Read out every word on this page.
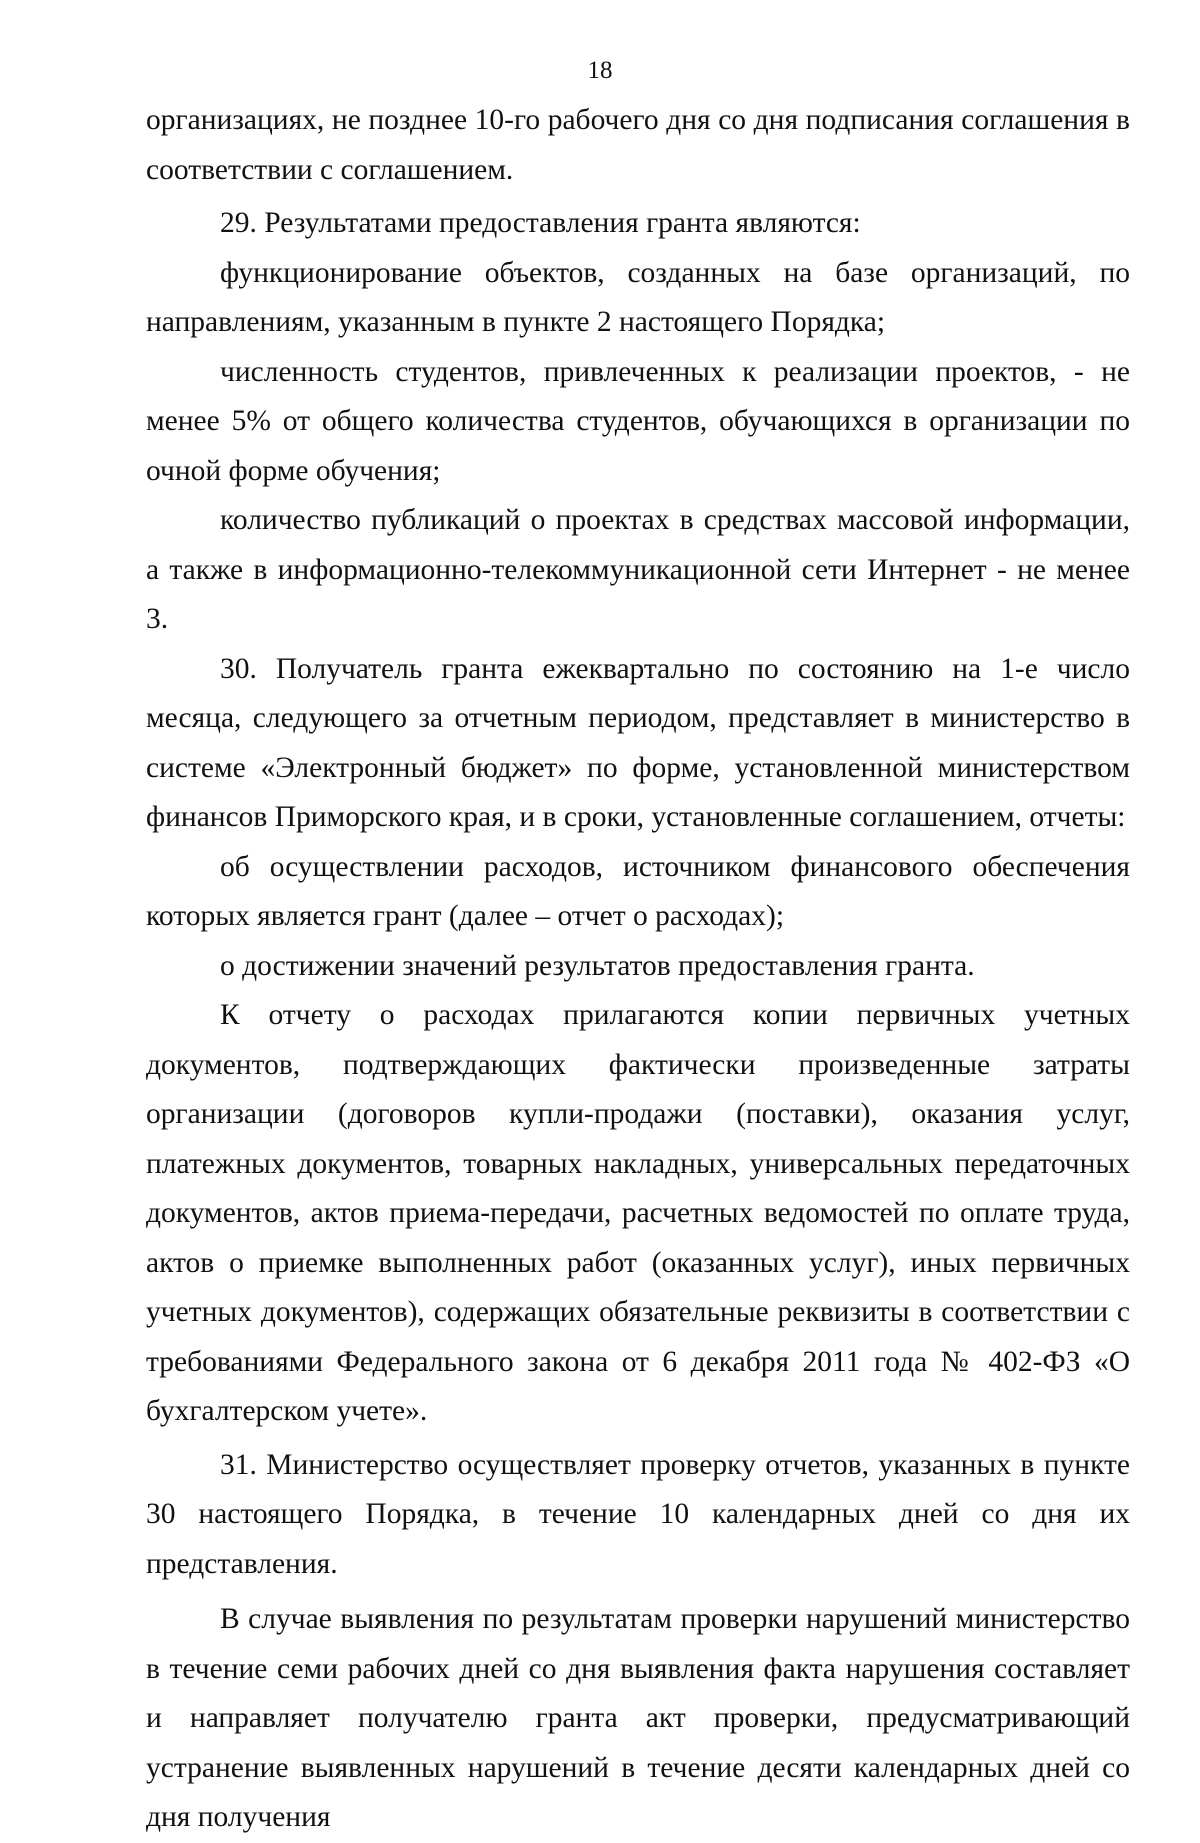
18

организациях, не позднее 10-го рабочего дня со дня подписания соглашения в соответствии с соглашением.

29. Результатами предоставления гранта являются:

функционирование объектов, созданных на базе организаций, по направлениям, указанным в пункте 2 настоящего Порядка;

численность студентов, привлеченных к реализации проектов, - не менее 5% от общего количества студентов, обучающихся в организации по очной форме обучения;

количество публикаций о проектах в средствах массовой информации, а также в информационно-телекоммуникационной сети Интернет - не менее 3.

30. Получатель гранта ежеквартально по состоянию на 1-е число месяца, следующего за отчетным периодом, представляет в министерство в системе «Электронный бюджет» по форме, установленной министерством финансов Приморского края, и в сроки, установленные соглашением, отчеты:

об осуществлении расходов, источником финансового обеспечения которых является грант (далее – отчет о расходах);

о достижении значений результатов предоставления гранта.

К отчету о расходах прилагаются копии первичных учетных документов, подтверждающих фактически произведенные затраты организации (договоров купли-продажи (поставки), оказания услуг, платежных документов, товарных накладных, универсальных передаточных документов, актов приема-передачи, расчетных ведомостей по оплате труда, актов о приемке выполненных работ (оказанных услуг), иных первичных учетных документов), содержащих обязательные реквизиты в соответствии с требованиями Федерального закона от 6 декабря 2011 года № 402-ФЗ «О бухгалтерском учете».

31. Министерство осуществляет проверку отчетов, указанных в пункте 30 настоящего Порядка, в течение 10 календарных дней со дня их представления.

В случае выявления по результатам проверки нарушений министерство в течение семи рабочих дней со дня выявления факта нарушения составляет и направляет получателю гранта акт проверки, предусматривающий устранение выявленных нарушений в течение десяти календарных дней со дня получения
